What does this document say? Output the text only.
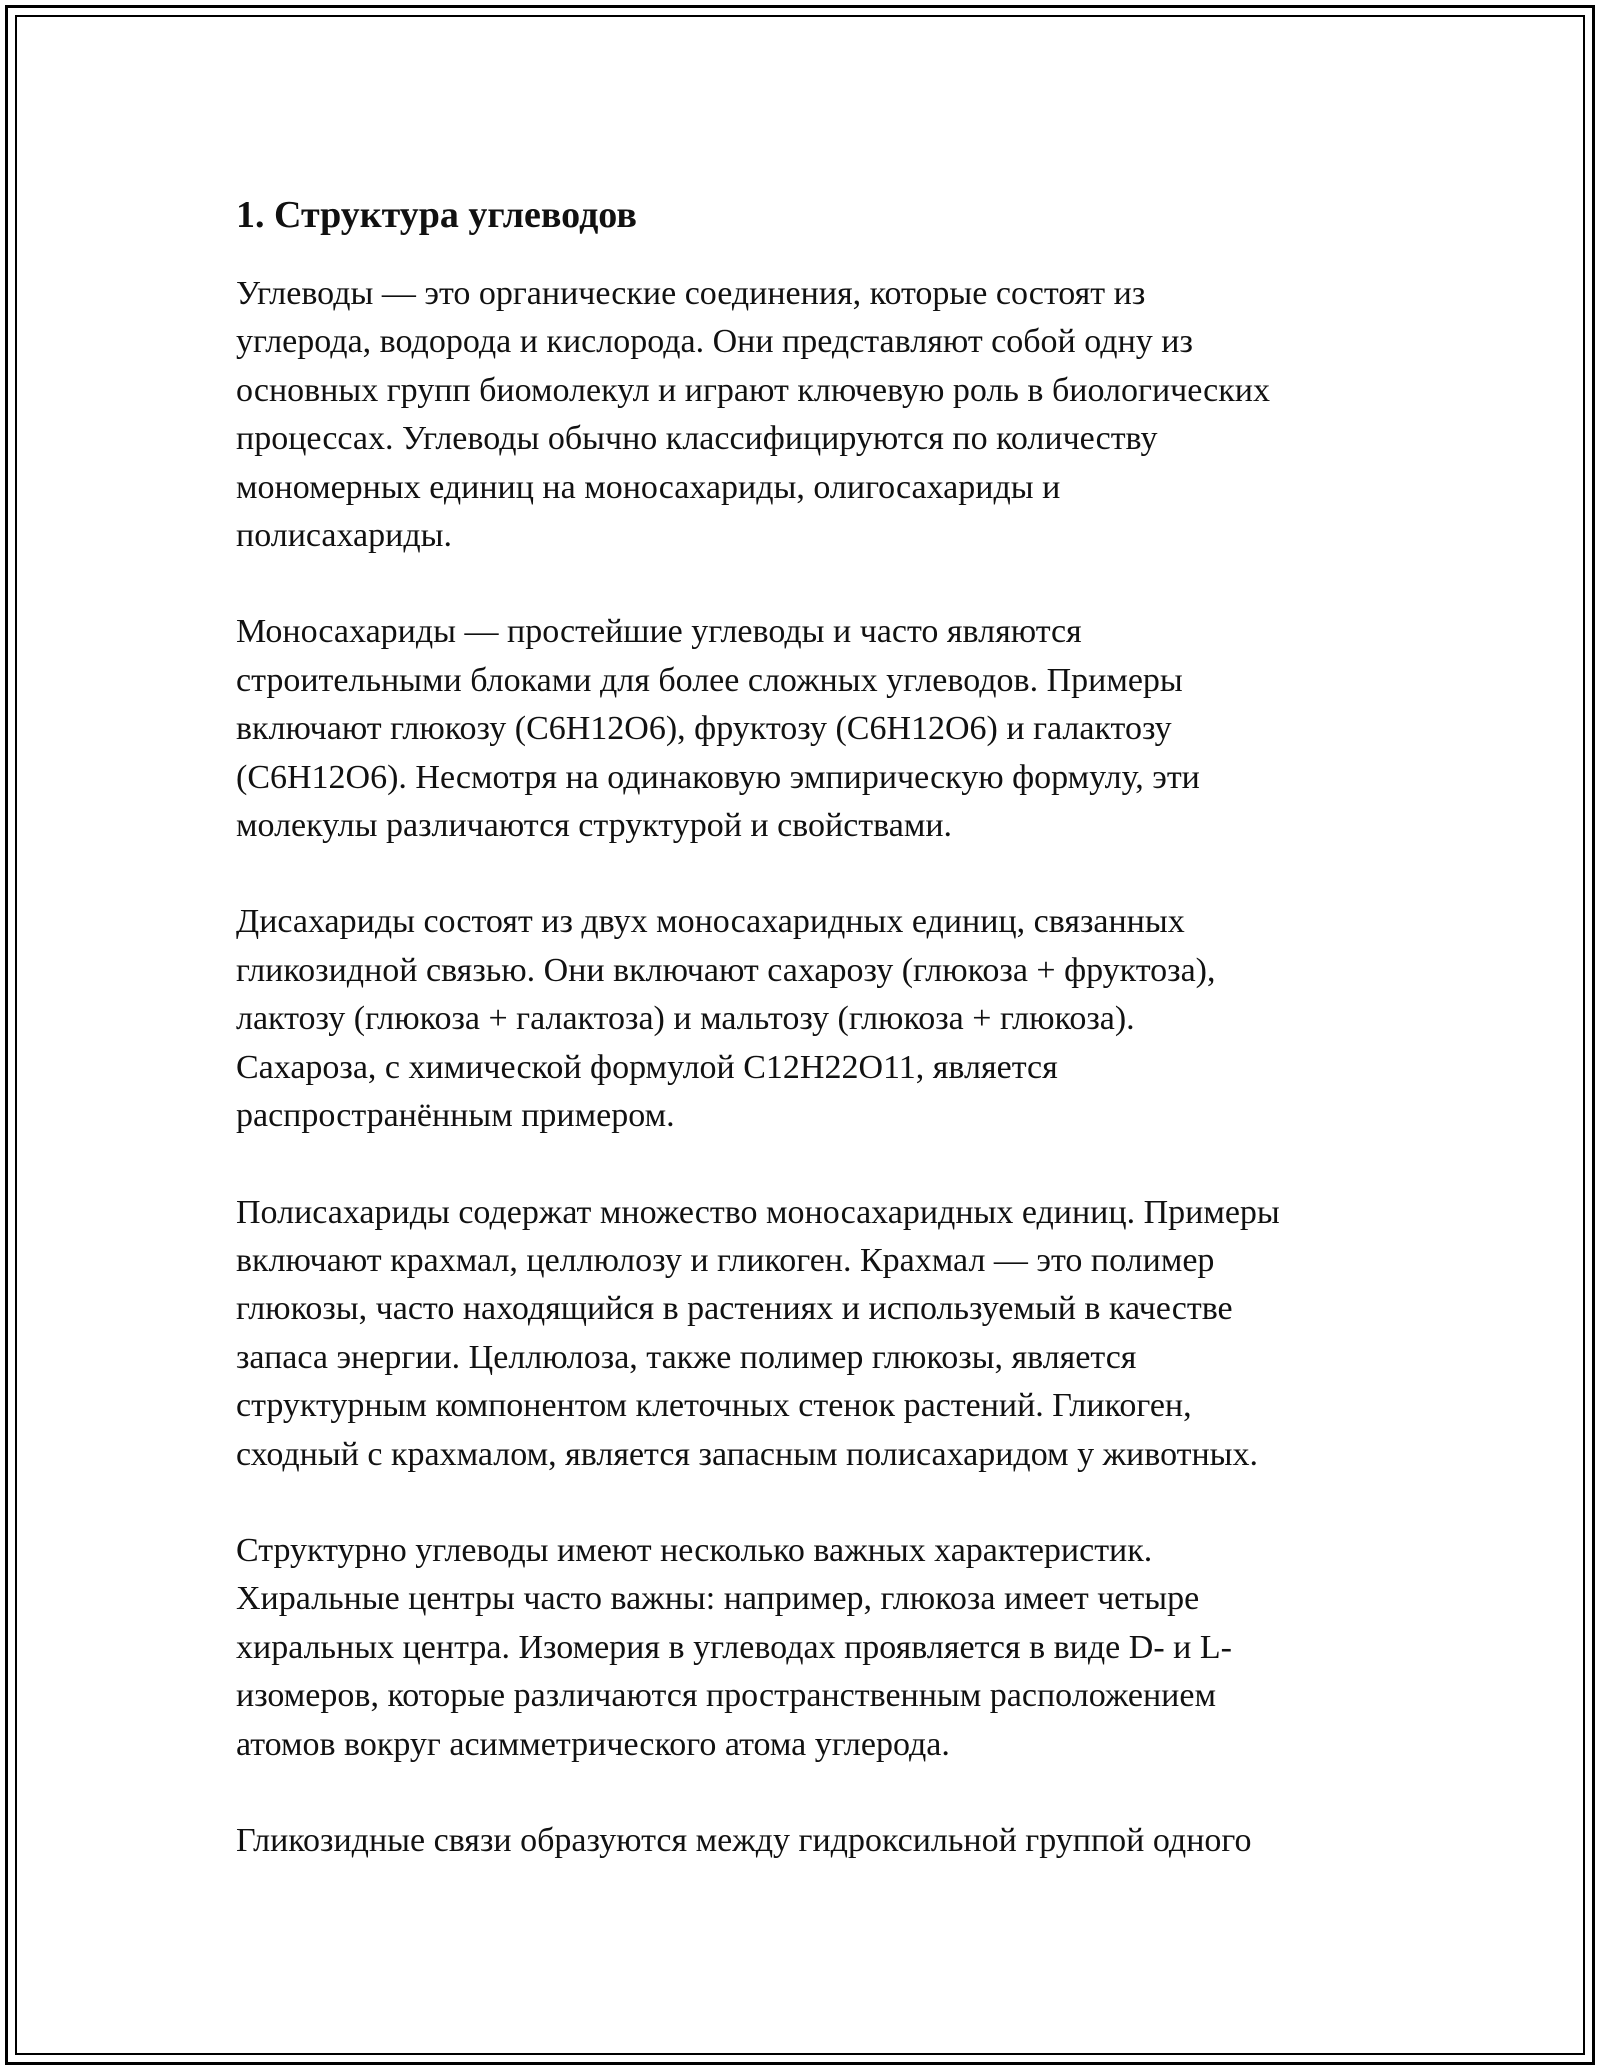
1. Структура углеводов

Углеводы — это органические соединения, которые состоят из
углерода, водорода и кислорода. Они представляют собой одну из
основных групп биомолекул и играют ключевую роль в биологических
процессах. Углеводы обычно классифицируются по количеству
мономерных единиц на моносахариды, олигосахариды и
полисахариды.

Моносахариды — простейшие углеводы и часто являются
строительными блоками для более сложных углеводов. Примеры
включают глюкозу (C6H12O6), фруктозу (C6H12O6) и галактозу
(C6H12O6). Несмотря на одинаковую эмпирическую формулу, эти
молекулы различаются структурой и свойствами.

Дисахариды состоят из двух моносахаридных единиц, связанных
гликозидной связью. Они включают сахарозу (глюкоза + фруктоза),
лактозу (глюкоза + галактоза) и мальтозу (глюкоза + глюкоза).
Сахароза, с химической формулой C12H22O11, является
распространённым примером.

Полисахариды содержат множество моносахаридных единиц. Примеры
включают крахмал, целлюлозу и гликоген. Крахмал — это полимер
глюкозы, часто находящийся в растениях и используемый в качестве
запаса энергии. Целлюлоза, также полимер глюкозы, является
структурным компонентом клеточных стенок растений. Гликоген,
сходный с крахмалом, является запасным полисахаридом у животных.

Структурно углеводы имеют несколько важных характеристик.
Хиральные центры часто важны: например, глюкоза имеет четыре
хиральных центра. Изомерия в углеводах проявляется в виде D- и L-
изомеров, которые различаются пространственным расположением
атомов вокруг асимметрического атома углерода.

Гликозидные связи образуются между гидроксильной группой одного
